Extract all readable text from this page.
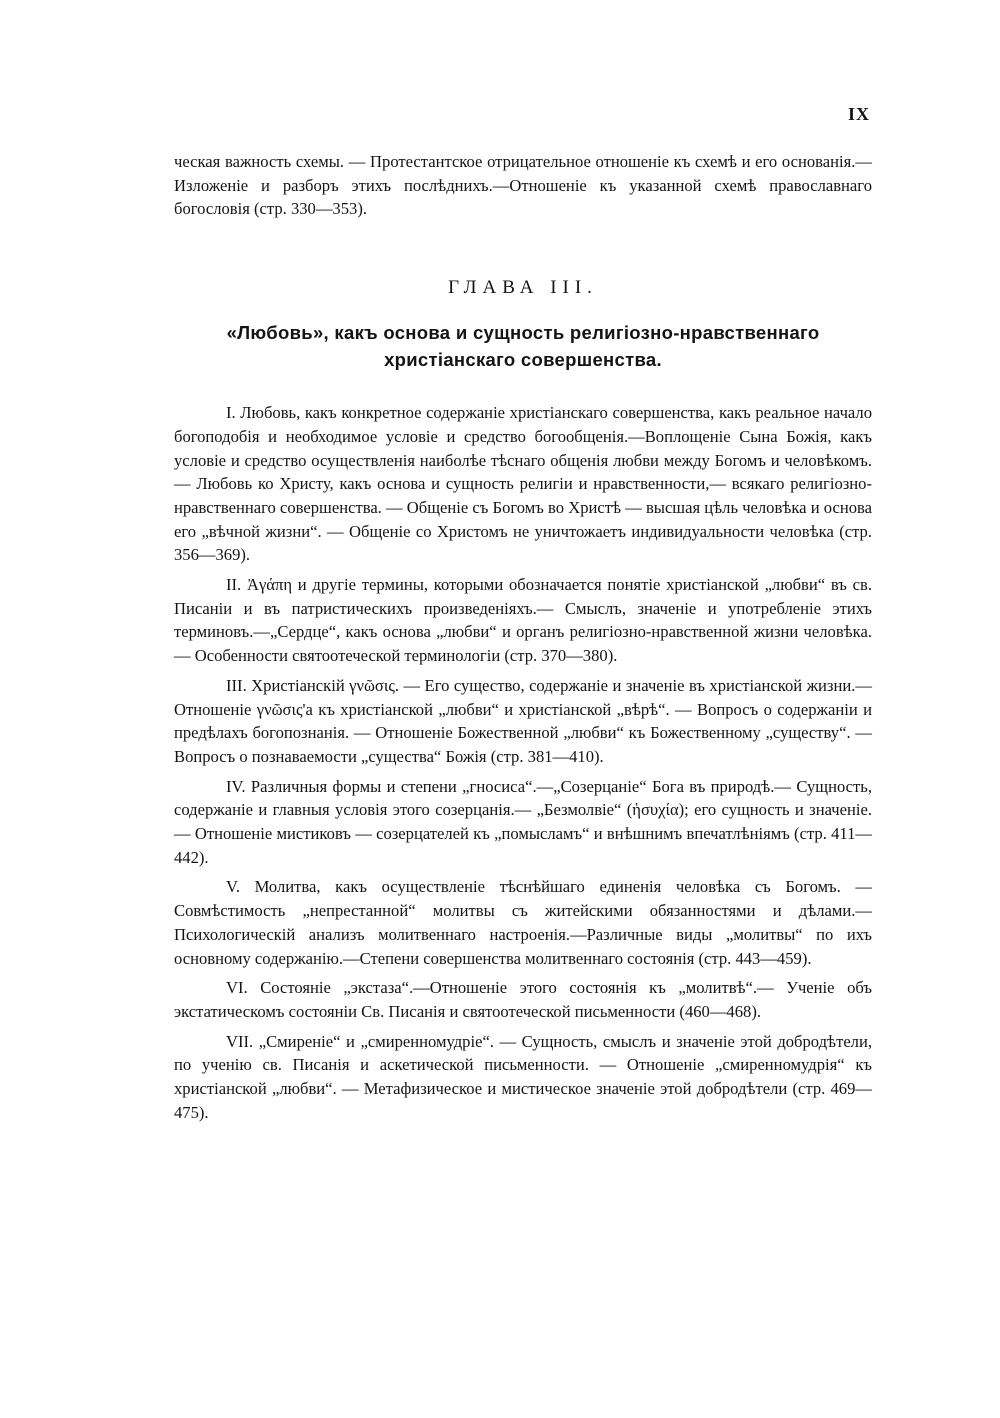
IX

ческая важность схемы. — Протестантское отрицательное отношеніе къ схемѣ и его основанія.—Изложеніе и разборъ этихъ послѣднихъ.—Отношеніе къ указанной схемѣ православнаго богословія (стр. 330—353).

ГЛАВА III.
«Любовь», какъ основа и сущность религіозно-нравственнаго
христіанскаго совершенства.

I. Любовь, какъ конкретное содержаніе христіанскаго совершенства, какъ реальное начало богоподобія и необходимое условіе и средство богообщенія.—Воплощеніе Сына Божія, какъ условіе и средство осуществленія наиболѣе тѣснаго общенія любви между Богомъ и человѣкомъ.— Любовь ко Христу, какъ основа и сущность религіи и нравственности,— всякаго религіозно-нравственнаго совершенства. — Общеніе съ Богомъ во Христѣ — высшая цѣль человѣка и основа его „вѣчной жизни“. — Общеніе со Христомъ не уничтожаетъ индивидуальности человѣка (стр. 356—369).

II. Ἀγάπη и другіе термины, которыми обозначается понятіе христіанской „любви“ въ св. Писаніи и въ патристическихъ произведеніяхъ.— Смыслъ, значеніе и употребленіе этихъ терминовъ.—„Сердце“, какъ основа „любви“ и органъ религіозно-нравственной жизни человѣка. — Особенности святоотеческой терминологіи (стр. 370—380).

III. Христіанскій γνῶσις. — Его существо, содержаніе и значеніе въ христіанской жизни.—Отношеніе γνῶσις'а къ христіанской „любви“ и христіанской „вѣрѣ“. — Вопросъ о содержаніи и предѣлахъ богопознанія. — Отношеніе Божественной „любви“ къ Божественному „существу“. — Вопросъ о познаваемости „существа“ Божія (стр. 381—410).

IV. Различныя формы и степени „гносиса“.—„Созерцаніе“ Бога въ природѣ.— Сущность, содержаніе и главныя условія этого созерцанія.— „Безмолвіе“ (ἡσυχία); его сущность и значеніе. — Отношеніе мистиковъ — созерцателей къ „помысламъ“ и внѣшнимъ впечатлѣніямъ (стр. 411—442).

V. Молитва, какъ осуществленіе тѣснѣйшаго единенія человѣка съ Богомъ. — Совмѣстимость „непрестанной“ молитвы съ житейскими обязанностями и дѣлами.—Психологическій анализъ молитвеннаго настроенія.—Различные виды „молитвы“ по ихъ основному содержанію.—Степени совершенства молитвеннаго состоянія (стр. 443—459).

VI. Состояніе „экстаза“.—Отношеніе этого состоянія къ „молитвѣ“.— Ученіе объ экстатическомъ состояніи Св. Писанія и святоотеческой письменности (460—468).

VII. „Смиреніе“ и „смиренномудріе“. — Сущность, смыслъ и значеніе этой добродѣтели, по ученію св. Писанія и аскетической письменности. — Отношеніе „смиренномудрія“ къ христіанской „любви“. — Метафизическое и мистическое значеніе этой добродѣтели (стр. 469—475).
